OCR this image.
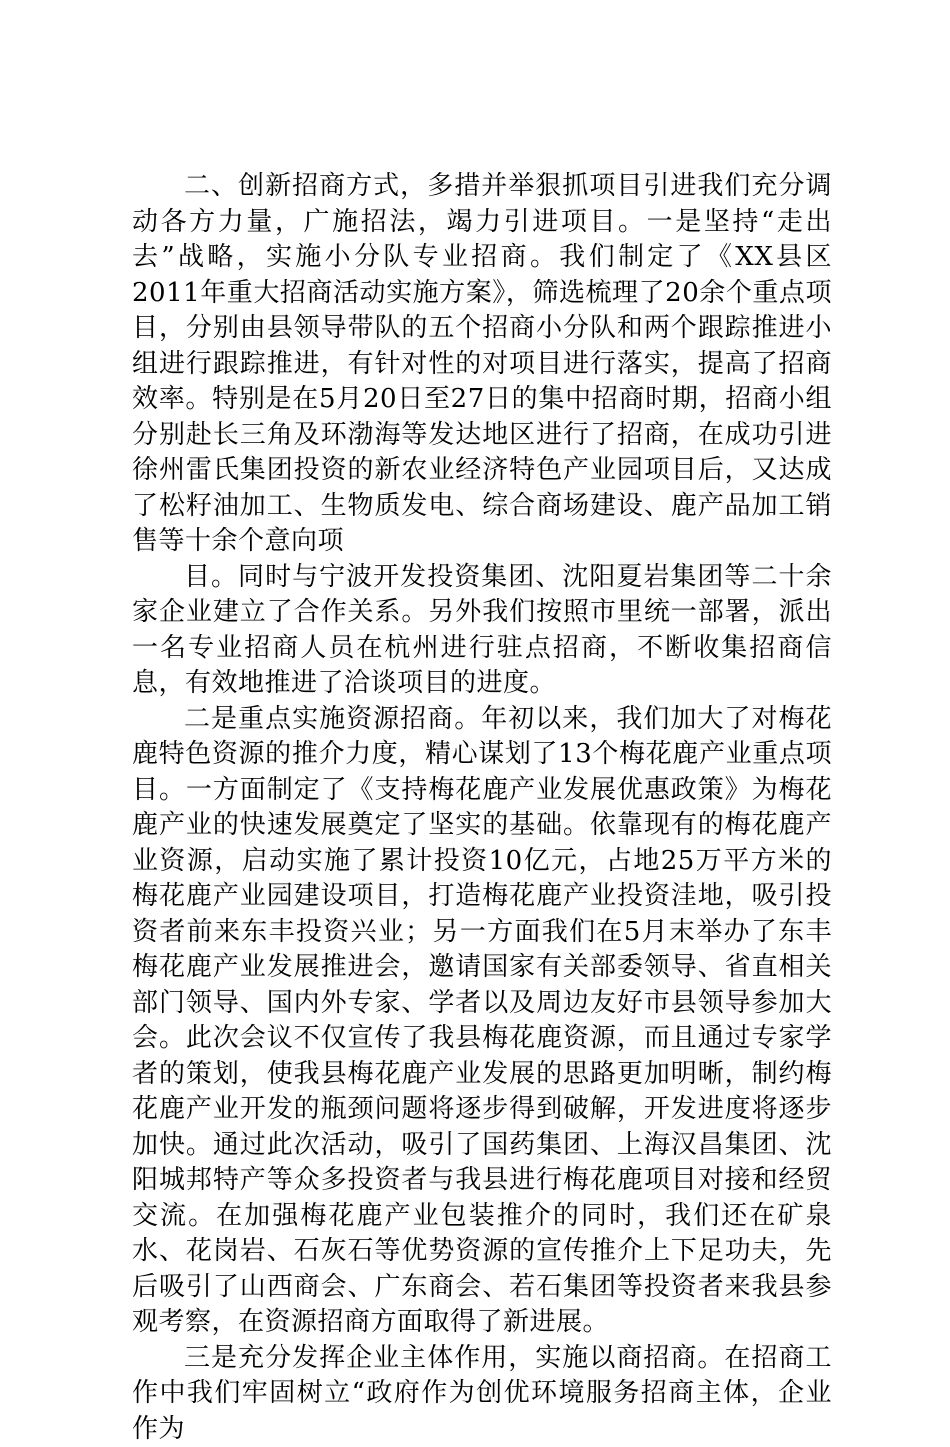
二、创新招商方式，多措并举狠抓项目引进我们充分调动各方力量，广施招法，竭力引进项目。一是坚持“走出去”战略，实施小分队专业招商。我们制定了《XX县区2011年重大招商活动实施方案》，筛选梳理了20余个重点项目，分别由县领导带队的五个招商小分队和两个跟踪推进小组进行跟踪推进，有针对性的对项目进行落实，提高了招商效率。特别是在5月20日至27日的集中招商时期，招商小组分别赴长三角及环渤海等发达地区进行了招商，在成功引进徐州雷氏集团投资的新农业经济特色产业园项目后，又达成了松籽油加工、生物质发电、综合商场建设、鹿产品加工销售等十余个意向项

目。同时与宁波开发投资集团、沈阳夏岩集团等二十余家企业建立了合作关系。另外我们按照市里统一部署，派出一名专业招商人员在杭州进行驻点招商，不断收集招商信息，有效地推进了洽谈项目的进度。

二是重点实施资源招商。年初以来，我们加大了对梅花鹿特色资源的推介力度，精心谋划了13个梅花鹿产业重点项目。一方面制定了《支持梅花鹿产业发展优惠政策》为梅花鹿产业的快速发展奠定了坚实的基础。依靠现有的梅花鹿产业资源，启动实施了累计投资10亿元，占地25万平方米的梅花鹿产业园建设项目，打造梅花鹿产业投资洼地，吸引投资者前来东丰投资兴业；另一方面我们在5月末举办了东丰梅花鹿产业发展推进会，邀请国家有关部委领导、省直相关部门领导、国内外专家、学者以及周边友好市县领导参加大会。此次会议不仅宣传了我县梅花鹿资源，而且通过专家学者的策划，使我县梅花鹿产业发展的思路更加明晰，制约梅花鹿产业开发的瓶颈问题将逐步得到破解，开发进度将逐步加快。通过此次活动，吸引了国药集团、上海汉昌集团、沈阳城邦特产等众多投资者与我县进行梅花鹿项目对接和经贸交流。在加强梅花鹿产业包装推介的同时，我们还在矿泉水、花岗岩、石灰石等优势资源的宣传推介上下足功夫，先后吸引了山西商会、广东商会、若石集团等投资者来我县参观考察，在资源招商方面取得了新进展。

三是充分发挥企业主体作用，实施以商招商。在招商工作中我们牢固树立“政府作为创优环境服务招商主体，企业作为
